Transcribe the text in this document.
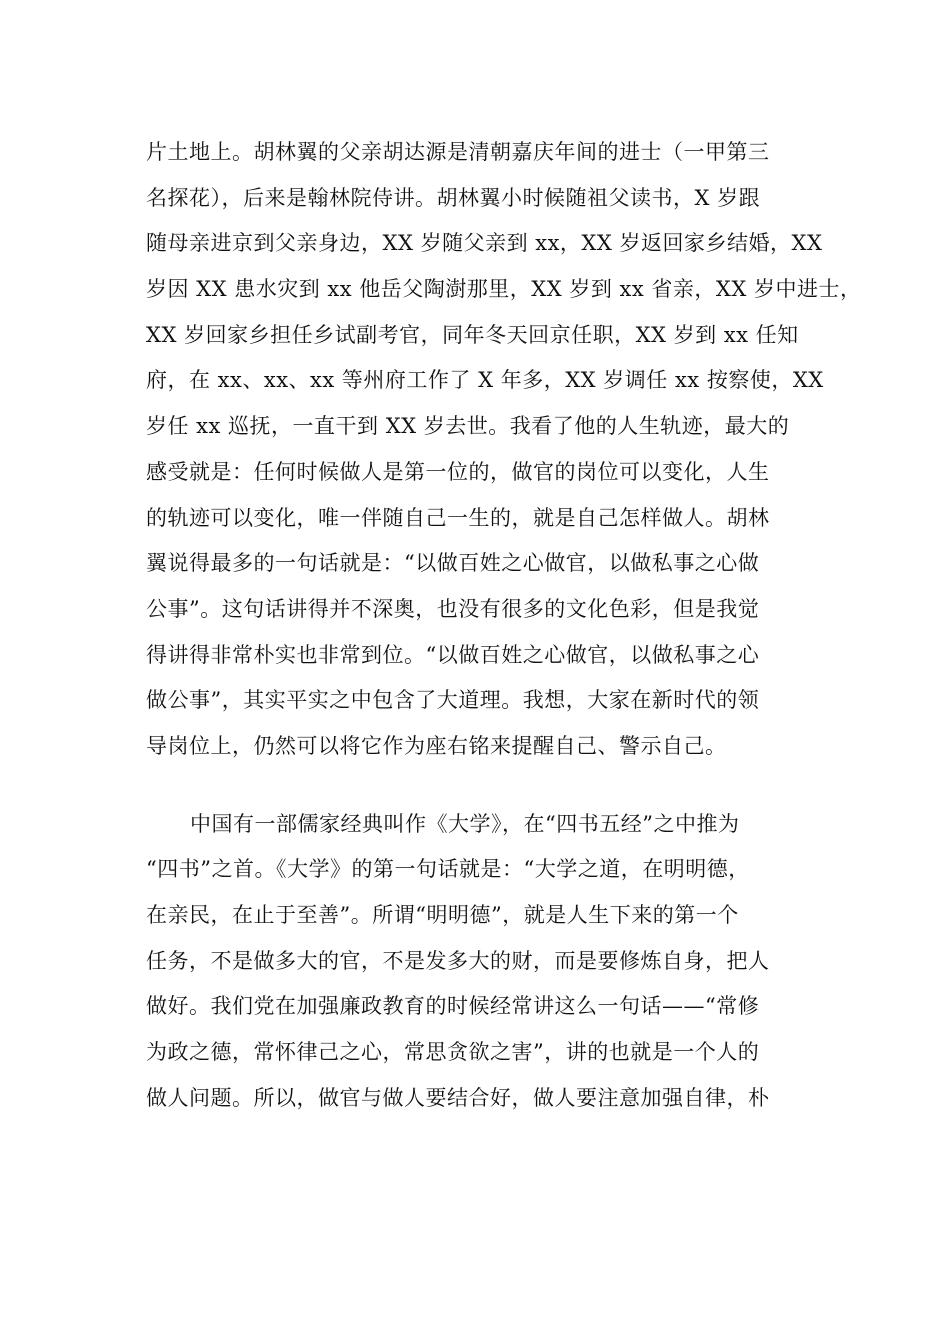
片土地上。胡林翼的父亲胡达源是清朝嘉庆年间的进士（一甲第三
名探花），后来是翰林院侍讲。胡林翼小时候随祖父读书，X 岁跟
随母亲进京到父亲身边，XX 岁随父亲到 xx，XX 岁返回家乡结婚，XX
岁因 XX 患水灾到 xx 他岳父陶澍那里，XX 岁到 xx 省亲，XX 岁中进士，
XX 岁回家乡担任乡试副考官，同年冬天回京任职，XX 岁到 xx 任知
府，在 xx、xx、xx 等州府工作了 X 年多，XX 岁调任 xx 按察使，XX
岁任 xx 巡抚，一直干到 XX 岁去世。我看了他的人生轨迹，最大的
感受就是：任何时候做人是第一位的，做官的岗位可以变化，人生
的轨迹可以变化，唯一伴随自己一生的，就是自己怎样做人。胡林
翼说得最多的一句话就是：“以做百姓之心做官，以做私事之心做
公事”。这句话讲得并不深奥，也没有很多的文化色彩，但是我觉
得讲得非常朴实也非常到位。“以做百姓之心做官，以做私事之心
做公事”，其实平实之中包含了大道理。我想，大家在新时代的领
导岗位上，仍然可以将它作为座右铭来提醒自己、警示自己。
中国有一部儒家经典叫作《大学》，在“四书五经”之中推为
“四书”之首。《大学》的第一句话就是：“大学之道，在明明德，
在亲民，在止于至善”。所谓“明明德”，就是人生下来的第一个
任务，不是做多大的官，不是发多大的财，而是要修炼自身，把人
做好。我们党在加强廉政教育的时候经常讲这么一句话——“常修
为政之德，常怀律己之心，常思贪欲之害”，讲的也就是一个人的
做人问题。所以，做官与做人要结合好，做人要注意加强自律，朴
